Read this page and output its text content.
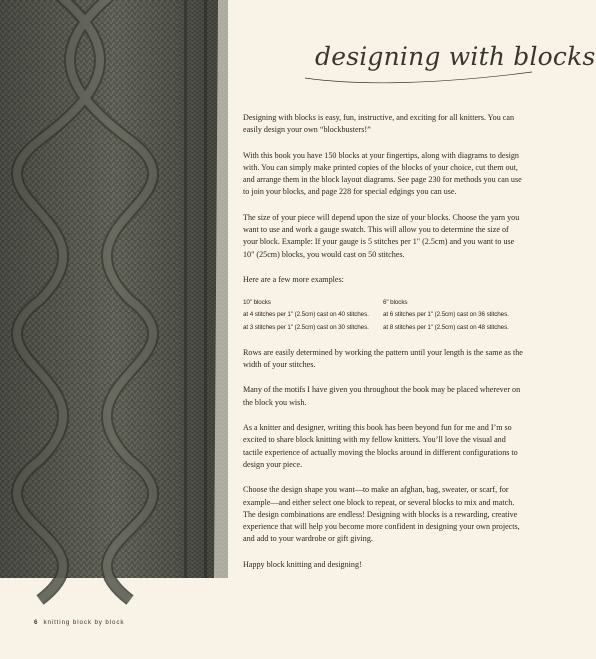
designing with blocks

Designing with blocks is easy, fun, instructive, and exciting for all knitters. You can easily design your own “blockbusters!”

With this book you have 150 blocks at your fingertips, along with diagrams to design with. You can simply make printed copies of the blocks of your choice, cut them out, and arrange them in the block layout diagrams. See page 230 for methods you can use to join your blocks, and page 228 for special edgings you can use.

The size of your piece will depend upon the size of your blocks. Choose the yarn you want to use and work a gauge swatch. This will allow you to determine the size of your block. Example: If your gauge is 5 stitches per 1" (2.5cm) and you want to use 10" (25cm) blocks, you would cast on 50 stitches.

Here are a few more examples:

10" blocks
at 4 stitches per 1" (2.5cm) cast on 40 stitches.
at 3 stitches per 1" (2.5cm) cast on 30 stitches.
6" blocks
at 6 stitches per 1" (2.5cm) cast on 36 stitches.
at 8 stitches per 1" (2.5cm) cast on 48 stitches.

Rows are easily determined by working the pattern until your length is the same as the width of your stitches.

Many of the motifs I have given you throughout the book may be placed wherever on the block you wish.

As a knitter and designer, writing this book has been beyond fun for me and I’m so excited to share block knitting with my fellow knitters. You’ll love the visual and tactile experience of actually moving the blocks around in different configurations to design your piece.

Choose the design shape you want—to make an afghan, bag, sweater, or scarf, for example—and either select one block to repeat, or several blocks to mix and match. The design combinations are endless! Designing with blocks is a rewarding, creative experience that will help you become more confident in designing your own projects, and add to your wardrobe or gift giving.

Happy block knitting and designing!

6 knitting block by block
